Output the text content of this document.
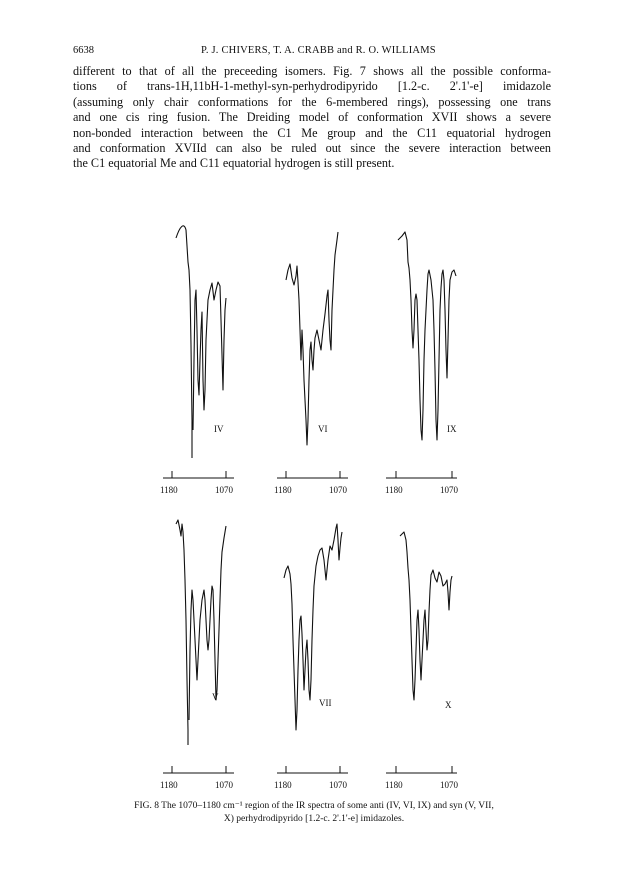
6638	P. J. CHIVERS, T. A. CRABB and R. O. WILLIAMS
different to that of all the preceeding isomers. Fig. 7 shows all the possible conforma-
tions of trans-1H,11bH-1-methyl-syn-perhydrodipyrido [1.2-c. 2'.1'-e] imidazole
(assuming only chair conformations for the 6-membered rings), possessing one trans
and one cis ring fusion. The Dreiding model of conformation XVII shows a severe
non-bonded interaction between the C1 Me group and the C11 equatorial hydrogen
and conformation XVIId can also be ruled out since the severe interaction between
the C1 equatorial Me and C11 equatorial hydrogen is still present.
IV	VI	IX
V
VII	X
1180	1070	1180	1070	1180	1070
1180	1070	1180	1070	1180	1070
FIG. 8 The 1070–1180 cm⁻¹ region of the IR spectra of some anti (IV, VI, IX) and syn (V, VII,
X) perhydrodipyrido [1.2-c. 2'.1'-e] imidazoles.
